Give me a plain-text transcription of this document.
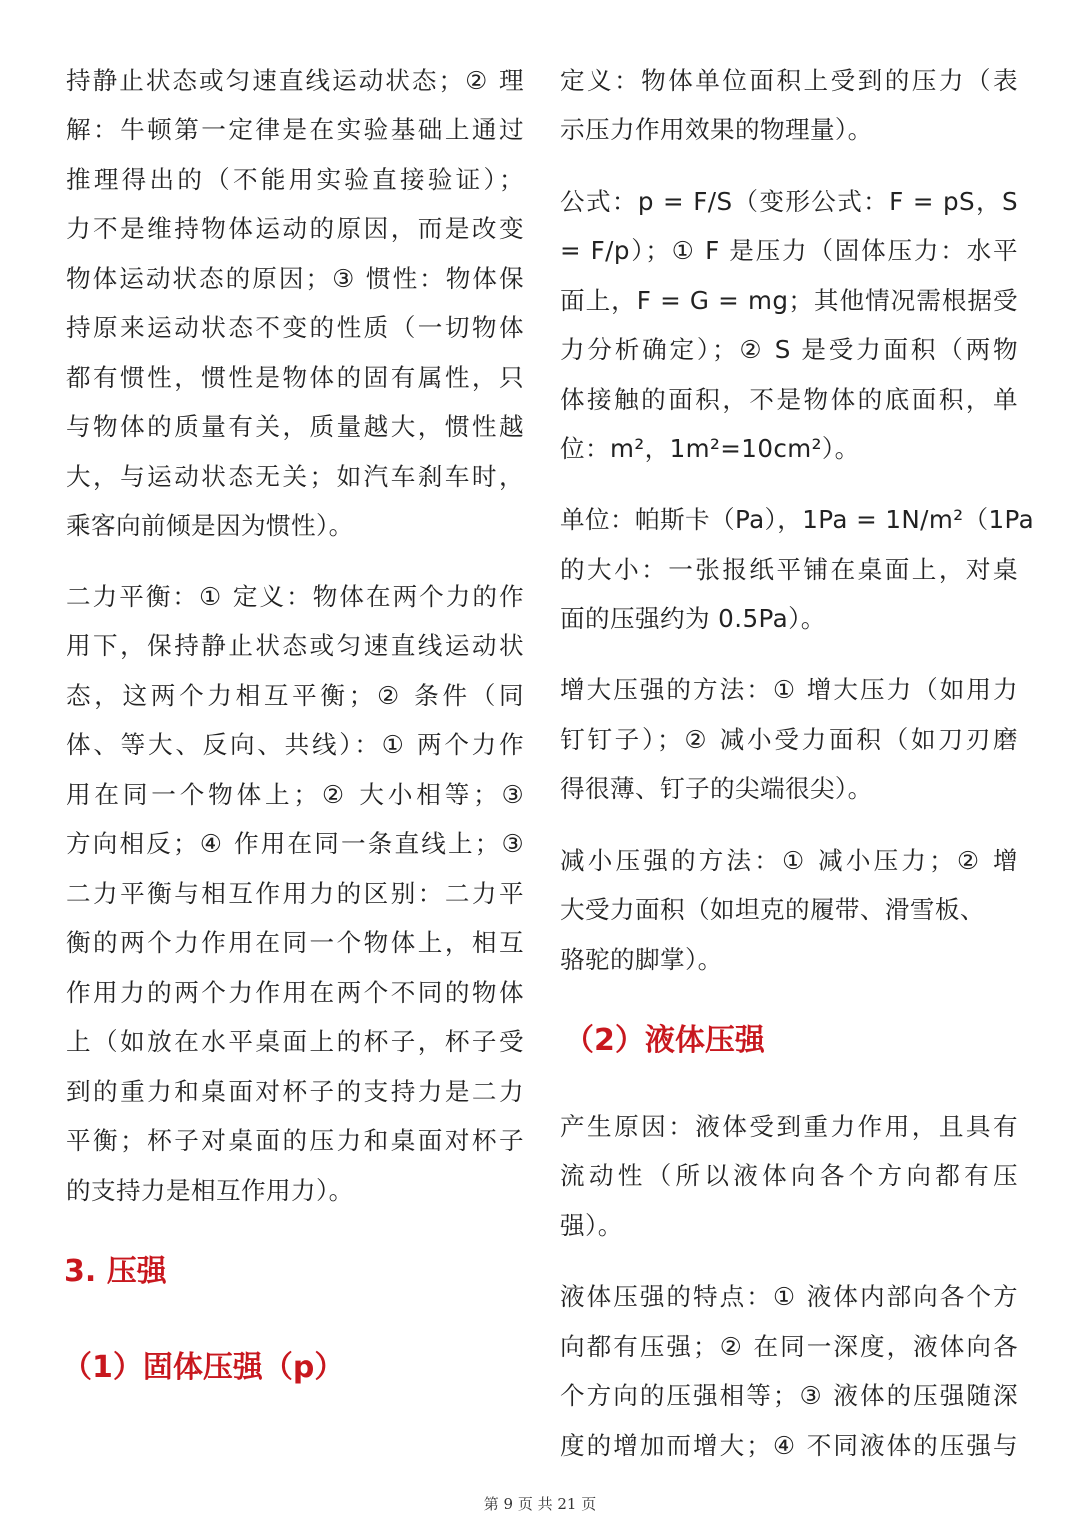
持静止状态或匀速直线运动状态；② 理
解：牛顿第一定律是在实验基础上通过
推理得出的（不能用实验直接验证）；
力不是维持物体运动的原因，而是改变
物体运动状态的原因；③ 惯性：物体保
持原来运动状态不变的性质（一切物体
都有惯性，惯性是物体的固有属性，只
与物体的质量有关，质量越大，惯性越
大，与运动状态无关；如汽车刹车时，
乘客向前倾是因为惯性）。
二力平衡：① 定义：物体在两个力的作
用下，保持静止状态或匀速直线运动状
态，这两个力相互平衡；② 条件（同
体、等大、反向、共线）：① 两个力作
用在同一个物体上；② 大小相等；③
方向相反；④ 作用在同一条直线上；③
二力平衡与相互作用力的区别：二力平
衡的两个力作用在同一个物体上，相互
作用力的两个力作用在两个不同的物体
上（如放在水平桌面上的杯子，杯子受
到的重力和桌面对杯子的支持力是二力
平衡；杯子对桌面的压力和桌面对杯子
的支持力是相互作用力）。
3. 压强
（1）固体压强（p）
定义：物体单位面积上受到的压力（表
示压力作用效果的物理量）。
公式：p = F/S（变形公式：F = pS，S
= F/p）；① F 是压力（固体压力：水平
面上，F = G = mg；其他情况需根据受
力分析确定）；② S 是受力面积（两物
体接触的面积，不是物体的底面积，单
位：m²，1m²=10cm²）。
单位：帕斯卡（Pa），1Pa = 1N/m²（1Pa
的大小：一张报纸平铺在桌面上，对桌
面的压强约为 0.5Pa）。
增大压强的方法：① 增大压力（如用力
钉钉子）；② 减小受力面积（如刀刃磨
得很薄、钉子的尖端很尖）。
减小压强的方法：① 减小压力；② 增
大受力面积（如坦克的履带、滑雪板、
骆驼的脚掌）。
（2）液体压强
产生原因：液体受到重力作用，且具有
流动性（所以液体向各个方向都有压
强）。
液体压强的特点：① 液体内部向各个方
向都有压强；② 在同一深度，液体向各
个方向的压强相等；③ 液体的压强随深
度的增加而增大；④ 不同液体的压强与
第 9 页 共 21 页
